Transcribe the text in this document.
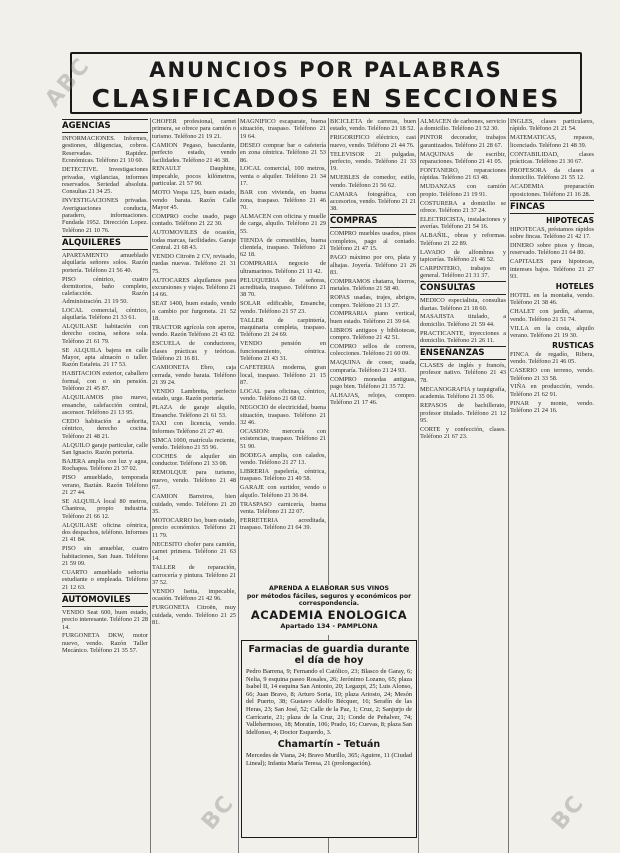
ANUNCIOS POR PALABRAS
CLASIFICADOS EN SECCIONES
AGENCIAS
INFORMACIONES. Informes, gestiones, diligencias, cobros. Reservadas. Rapidez. Económicas. Teléfono 21 10 60.
DETECTIVE. Investigaciones privadas, vigilancias, informes reservados. Seriedad absoluta. Consultas 21 34 25.
INVESTIGACIONES privadas. Averiguaciones conducta, paradero, informaciones. Fundada 1952. Dirección Lopez. Teléfono 21 10 76.
ALQUILERES
APARTAMENTO amueblado alquilaría señores solos. Razón portería. Teléfono 21 56 40.
PISO céntrico, cuatro dormitorios, baño completo, calefacción. Razón Administración. 21 19 50.
LOCAL comercial, céntrico, alquilaría. Teléfono 21 33 61.
ALQUILASE habitación con derecho cocina, señora sola. Teléfono 21 61 79.
SE ALQUILA bajera en calle Mayor, apta almacén o taller. Razón Estafeta. 21 17 53.
HABITACION exterior, caballero formal, con o sin pensión. Teléfono 21 45 87.
ALQUILAMOS piso nuevo, ensanche, calefacción central, ascensor. Teléfono 21 13 95.
CEDO habitación a señorita, céntrico, derecho cocina. Teléfono 21 48 21.
ALQUILO garaje particular, calle San Ignacio. Razón portería.
BAJERA amplia con luz y agua, Rochapea. Teléfono 21 37 02.
PISO amueblado, temporada verano, Baztán. Razón Teléfono 21 27 44.
SE ALQUILA local 80 metros, Chantrea, propio industria. Teléfono 21 66 12.
ALQUILASE oficina céntrica, dos despachos, teléfono. Informes 21 41 84.
PISO sin amueblar, cuatro habitaciones, San Juan. Teléfono 21 59 09.
CUARTO amueblado señorita estudiante o empleada. Teléfono 21 12 63.
AUTOMOVILES
VENDO Seat 600, buen estado, precio interesante. Teléfono 21 28 14.
FURGONETA DKW, motor nuevo, vendo. Razón Taller Mecánico. Teléfono 21 35 57.
CHOFER profesional, carnet primera, se ofrece para camión o turismo. Teléfono 21 19 21.
CAMION Pegaso, basculante, perfecto estado, vendo facilidades. Teléfono 21 46 38.
RENAULT Dauphine, impecable, pocos kilómetros, particular. 21 57 90.
MOTO Vespa 125, buen estado, vendo barata. Razón Calle Mayor 45.
COMPRO coche usado, pago contado. Teléfono 21 22 30.
AUTOMOVILES de ocasión, todas marcas, facilidades. Garaje Central. 21 68 43.
VENDO Citroën 2 CV, revisado, ruedas nuevas. Teléfono 21 31 75.
AUTOCARES alquilamos para excursiones y viajes. Teléfono 21 14 66.
SEAT 1400, buen estado, vendo o cambio por furgoneta. 21 52 18.
TRACTOR agrícola con aperos, vendo. Razón Teléfono 21 43 02.
ESCUELA de conductores, clases prácticas y teóricas. Teléfono 21 16 81.
CAMIONETA Ebro, caja cerrada, vendo barata. Teléfono 21 39 24.
VENDO Lambretta, perfecto estado, urge. Razón portería.
PLAZA de garaje alquilo, Ensanche. Teléfono 21 61 53.
TAXI con licencia, vendo. Informes Teléfono 21 27 40.
SIMCA 1000, matrícula reciente, vendo. Teléfono 21 55 96.
COCHES de alquiler sin conductor. Teléfono 21 33 08.
REMOLQUE para turismo, nuevo, vendo. Teléfono 21 48 67.
CAMION Barreiros, bien cuidado, vendo. Teléfono 21 20 35.
MOTOCARRO Iso, buen estado, precio económico. Teléfono 21 11 79.
NECESITO chofer para camión, carnet primera. Teléfono 21 63 14.
TALLER de reparación, carrocería y pintura. Teléfono 21 37 52.
VENDO Isetta, impecable, ocasión. Teléfono 21 42 96.
FURGONETA Citroën, muy cuidada, vendo. Teléfono 21 25 81.
MAGNIFICO escaparate, buena situación, traspaso. Teléfono 21 19 64.
DESEO comprar bar o cafetería en zona céntrica. Teléfono 21 53 86.
LOCAL comercial, 100 metros, venta o alquiler. Teléfono 21 34 17.
BAR con vivienda, en buena zona, traspaso. Teléfono 21 46 70.
ALMACEN con oficina y muelle de carga, alquilo. Teléfono 21 29 55.
TIENDA de comestibles, buena clientela, traspaso. Teléfono 21 62 18.
COMPRARIA negocio de ultramarinos. Teléfono 21 11 42.
PELUQUERIA de señoras, acreditada, traspaso. Teléfono 21 38 70.
SOLAR edificable, Ensanche, vendo. Teléfono 21 57 23.
TALLER de carpintería, maquinaria completa, traspaso. Teléfono 21 24 69.
VENDO pensión en funcionamiento, céntrica. Teléfono 21 43 31.
CAFETERIA moderna, gran local, traspaso. Teléfono 21 15 87.
LOCAL para oficinas, céntrico, vendo. Teléfono 21 68 02.
NEGOCIO de electricidad, buena situación, traspaso. Teléfono 21 32 46.
OCASION: mercería con existencias, traspaso. Teléfono 21 51 90.
BODEGA amplia, con calados, vendo. Teléfono 21 27 13.
LIBRERIA papelería, céntrica, traspaso. Teléfono 21 49 58.
GARAJE con surtidor, vendo o alquilo. Teléfono 21 36 84.
TRASPASO carnicería, buena venta. Teléfono 21 22 07.
FERRETERIA acreditada, traspaso. Teléfono 21 64 39.
BICICLETA de carreras, buen estado, vendo. Teléfono 21 18 52.
FRIGORIFICO eléctrico, casi nuevo, vendo. Teléfono 21 44 76.
TELEVISOR 21 pulgadas, perfecto, vendo. Teléfono 21 33 19.
MUEBLES de comedor, estilo, vendo. Teléfono 21 56 62.
CAMARA fotográfica, con accesorios, vendo. Teléfono 21 21 38.
COMPRAS
COMPRO muebles usados, pisos completos, pago al contado. Teléfono 21 47 15.
PAGO máximo por oro, plata y alhajas. Joyería. Teléfono 21 26 83.
COMPRAMOS chatarra, hierros, metales. Teléfono 21 58 40.
ROPAS usadas, trajes, abrigos, compro. Teléfono 21 13 27.
COMPRARIA piano vertical, buen estado. Teléfono 21 39 64.
LIBROS antiguos y bibliotecas, compro. Teléfono 21 42 51.
COMPRO sellos de correos, colecciones. Teléfono 21 60 09.
MAQUINA de coser, usada, compraría. Teléfono 21 24 93.
COMPRO monedas antiguas, pago bien. Teléfono 21 35 72.
ALHAJAS, relojes, compro. Teléfono 21 17 46.
ALMACEN de carbones, servicio a domicilio. Teléfono 21 52 30.
PINTOR decorador, trabajos garantizados. Teléfono 21 28 67.
MAQUINAS de escribir, reparaciones. Teléfono 21 41 05.
FONTANERO, reparaciones rápidas. Teléfono 21 63 48.
MUDANZAS con camión propio. Teléfono 21 19 91.
COSTURERA a domicilio se ofrece. Teléfono 21 37 24.
ELECTRICISTA, instalaciones y averías. Teléfono 21 54 16.
ALBAÑIL, obras y reformas. Teléfono 21 22 89.
LAVADO de alfombras y tapicerías. Teléfono 21 46 52.
CARPINTERO, trabajos en general. Teléfono 21 31 37.
CONSULTAS
MEDICO especialista, consultas diarias. Teléfono 21 18 60.
MASAJISTA titulado, a domicilio. Teléfono 21 59 44.
PRACTICANTE, inyecciones a domicilio. Teléfono 21 26 11.
ENSEÑANZAS
CLASES de inglés y francés, profesor nativo. Teléfono 21 43 78.
MECANOGRAFIA y taquigrafía, academia. Teléfono 21 35 06.
REPASOS de bachillerato, profesor titulado. Teléfono 21 12 95.
CORTE y confección, clases. Teléfono 21 67 23.
INGLES, clases particulares, rápido. Teléfono 21 21 54.
MATEMATICAS, repasos, licenciado. Teléfono 21 48 39.
CONTABILIDAD, clases prácticas. Teléfono 21 30 67.
PROFESORA da clases a domicilio. Teléfono 21 55 12.
ACADEMIA preparación oposiciones. Teléfono 21 16 28.
FINCAS
HIPOTECAS
HIPOTECAS, préstamos rápidos sobre fincas. Teléfono 21 42 17.
DINERO sobre pisos y fincas, reservado. Teléfono 21 64 80.
CAPITALES para hipotecas, intereses bajos. Teléfono 21 27 93.
HOTELES
HOTEL en la montaña, vendo. Teléfono 21 38 46.
CHALET con jardín, afueras, vendo. Teléfono 21 51 74.
VILLA en la costa, alquilo verano. Teléfono 21 19 30.
RUSTICAS
FINCA de regadío, Ribera, vendo. Teléfono 21 46 05.
CASERIO con terreno, vendo. Teléfono 21 33 58.
VIÑA en producción, vendo. Teléfono 21 62 91.
PINAR y monte, vendo. Teléfono 21 24 16.
APRENDA A ELABORAR SUS VINOS
por métodos fáciles, seguros y económicos por correspondencia.
ACADEMIA ENOLOGICA
Apartado 134 - PAMPLONA
Farmacias de guardia durante el día de hoy
Pedro Barrena, 9; Fernando el Católico, 23; Blasco de Garay, 6; Nelia, 9 esquina paseo Rosales, 26; Jerónimo Lozano, 65; plaza Isabel II, 14 esquina San Antonio, 20; Legazpi, 25; Luis Alonso, 66; Juan Bravo, 8; Arturo Soria, 10; plaza Ariosto, 24; Mesón del Puerto, 38; Gustavo Adolfo Bécquer, 16; Serafín de las Heras, 23; San José, 52; Calle de la Paz, 1; Cruz, 2; Sanjurjo de Carrícarte, 21; plaza de la Cruz, 21; Conde de Peñalver, 74; Vallehermoso, 18; Moratín, 106; Prado, 16; Cuevas, 8; plaza San Idelfonso, 4; Doctor Esquerdo, 3.
Chamartín - Tetuán
Mercedes de Viana, 24; Bravo Murillo, 365; Aguirre, 11 (Ciudad Lineal); Infanta María Teresa, 21 (prolongación).
ABC
BC	BC
